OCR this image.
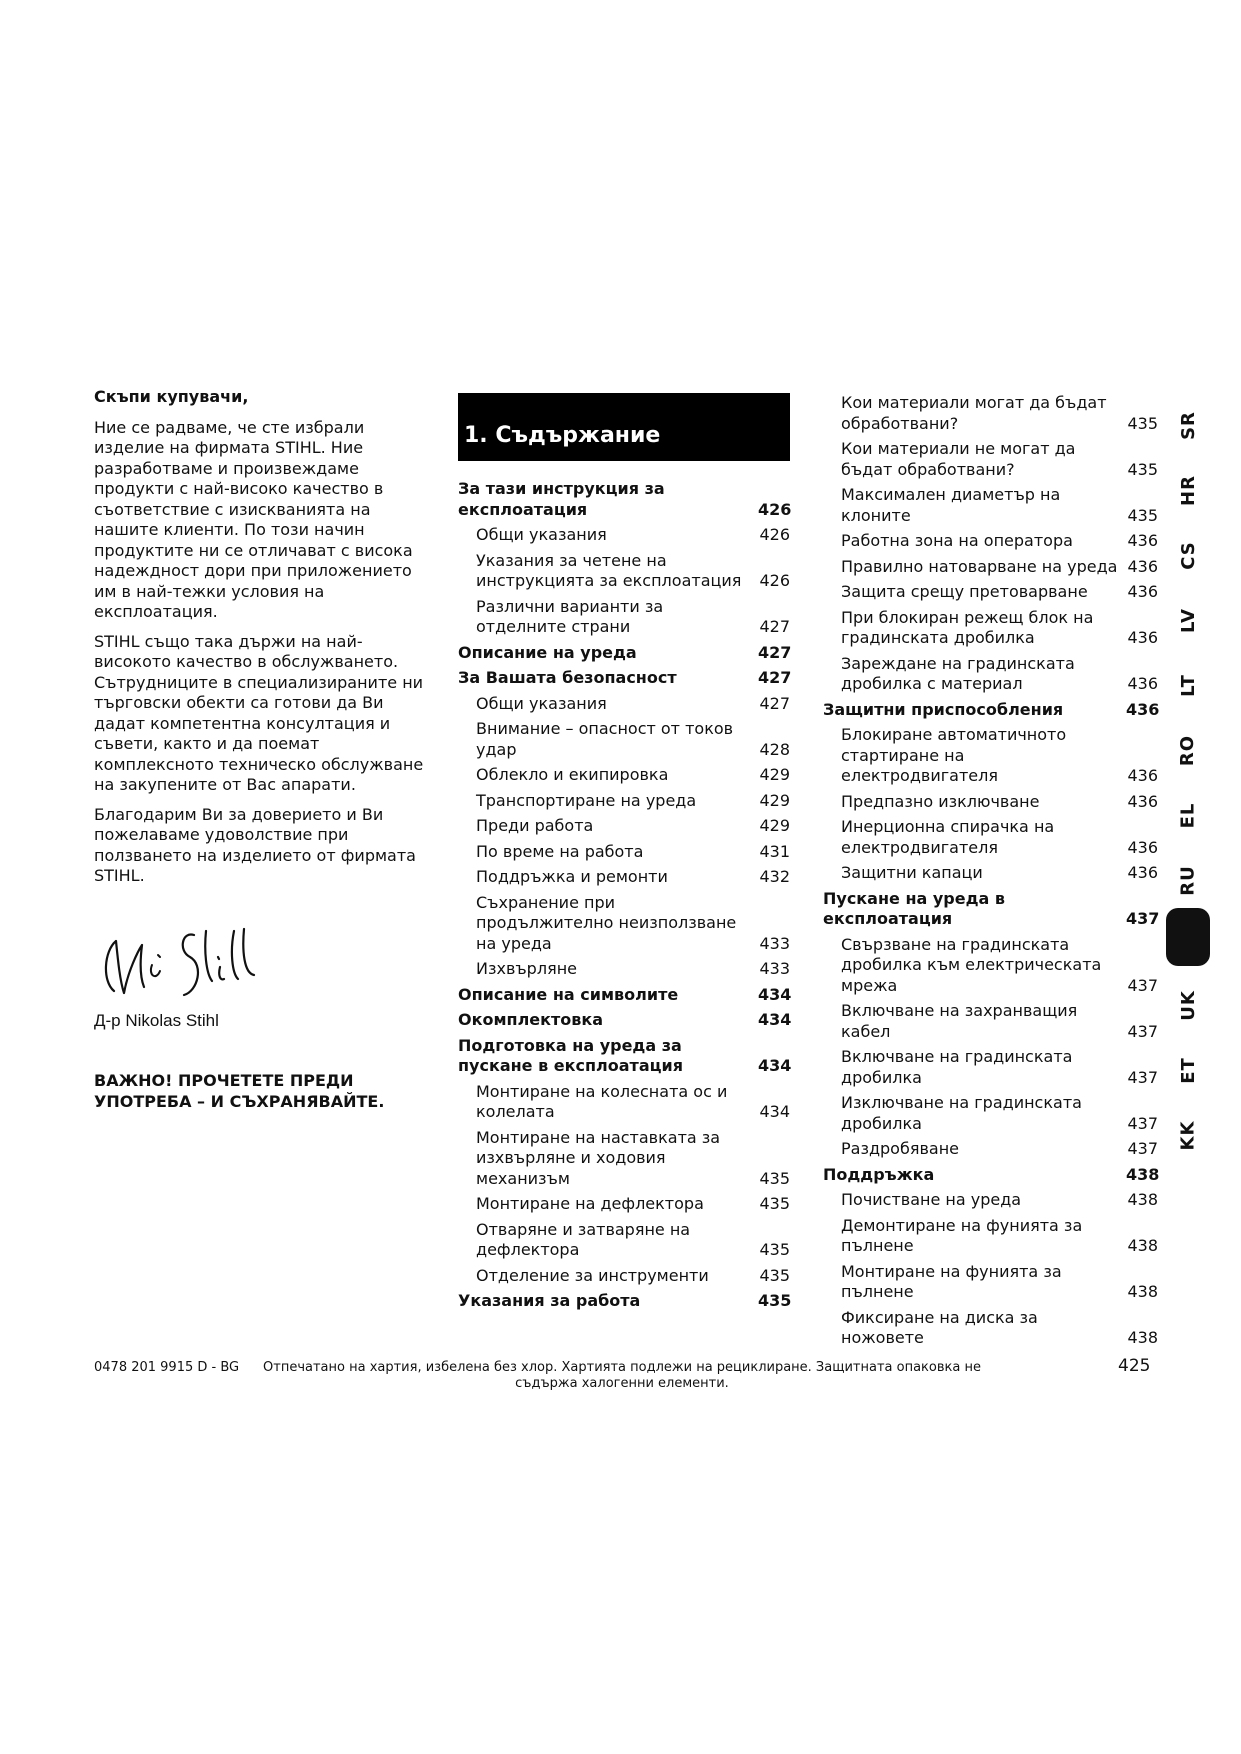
Скъпи купувачи,

Ние се радваме, че сте избрали изделие на фирмата STIHL. Ние разработваме и произвеждаме продукти с най-високо качество в съответствие с изискванията на нашите клиенти. По този начин продуктите ни се отличават с висока надеждност дори при приложението им в най-тежки условия на експлоатация.

STIHL също така държи на най-високото качество в обслужването. Сътрудниците в специализираните ни търговски обекти са готови да Ви дадат компетентна консултация и съвети, както и да поемат комплексното техническо обслужване на закупените от Вас апарати.

Благодарим Ви за доверието и Ви пожелаваме удоволствие при ползването на изделието от фирмата STIHL.

Д-р Nikolas Stihl
ВАЖНО! ПРОЧЕТЕТЕ ПРЕДИ УПОТРЕБА – И СЪХРАНЯВАЙТЕ.
1. Съдържание
За тази инструкция за експлоатация	426
Общи указания	426
Указания за четене на инструкцията за експлоатация	426
Различни варианти за отделните страни	427
Описание на уреда	427
За Вашата безопасност	427
Общи указания	427
Внимание – опасност от токов удар	428
Облекло и екипировка	429
Транспортиране на уреда	429
Преди работа	429
По време на работа	431
Поддръжка и ремонти	432
Съхранение при продължително неизползване на уреда	433
Изхвърляне	433
Описание на символите	434
Окомплектовка	434
Подготовка на уреда за пускане в експлоатация	434
Монтиране на колесната ос и колелата	434
Монтиране на наставката за изхвърляне и ходовия механизъм	435
Монтиране на дефлектора	435
Отваряне и затваряне на дефлектора	435
Отделение за инструменти	435
Указания за работа	435
Кои материали могат да бъдат обработвани?	435
Кои материали не могат да бъдат обработвани?	435
Максимален диаметър на клоните	435
Работна зона на оператора	436
Правилно натоварване на уреда 436
Защита срещу претоварване	436
При блокиран режещ блок на градинската дробилка	436
Зареждане на градинската дробилка с материал	436
Защитни приспособления	436
Блокиране автоматичното стартиране на електродвигателя	436
Предпазно изключване	436
Инерционна спирачка на електродвигателя	436
Защитни капаци	436
Пускане на уреда в експлоатация	437
Свързване на градинската дробилка към електрическата мрежа	437
Включване на захранващия кабел	437
Включване на градинската дробилка	437
Изключване на градинската дробилка	437
Раздробяване	437
Поддръжка	438
Почистване на уреда	438
Демонтиране на фунията за пълнене	438
Монтиране на фунията за пълнене	438
Фиксиране на диска за ножовете	438
SR
HR
CS
LV
LT
RO
EL
RU
UK
ET
KK
0478 201 9915 D - BG Отпечатано на хартия, избелена без хлор. Хартията подлежи на рециклиране. Защитната опаковка не съдържа халогенни елементи.
425
